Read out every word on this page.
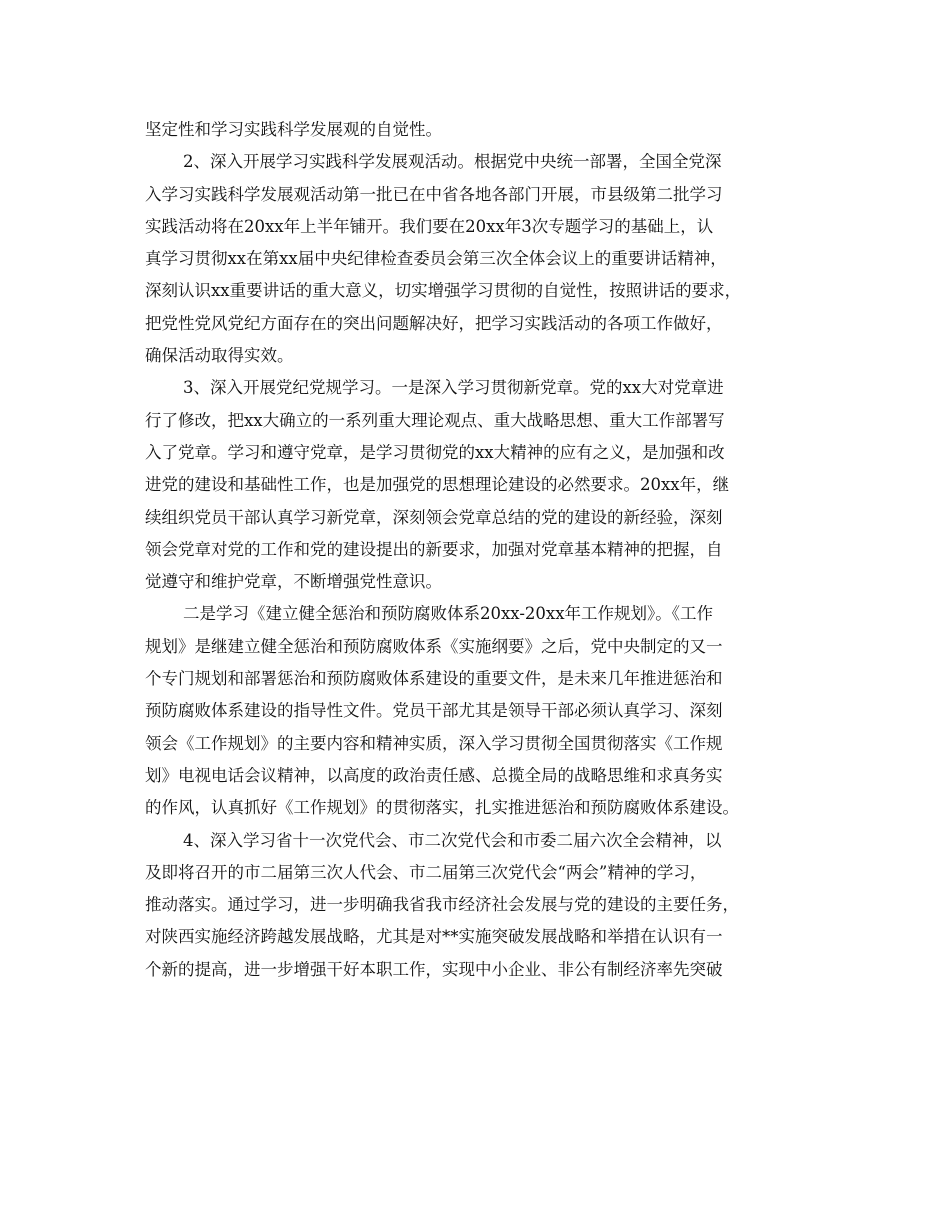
坚定性和学习实践科学发展观的自觉性。
2、深入开展学习实践科学发展观活动。根据党中央统一部署，全国全党深
入学习实践科学发展观活动第一批已在中省各地各部门开展，市县级第二批学习
实践活动将在20xx年上半年铺开。我们要在20xx年3次专题学习的基础上，认
真学习贯彻xx在第xx届中央纪律检查委员会第三次全体会议上的重要讲话精神，
深刻认识xx重要讲话的重大意义，切实增强学习贯彻的自觉性，按照讲话的要求，
把党性党风党纪方面存在的突出问题解决好，把学习实践活动的各项工作做好，
确保活动取得实效。
3、深入开展党纪党规学习。一是深入学习贯彻新党章。党的xx大对党章进
行了修改，把xx大确立的一系列重大理论观点、重大战略思想、重大工作部署写
入了党章。学习和遵守党章，是学习贯彻党的xx大精神的应有之义，是加强和改
进党的建设和基础性工作，也是加强党的思想理论建设的必然要求。20xx年，继
续组织党员干部认真学习新党章，深刻领会党章总结的党的建设的新经验，深刻
领会党章对党的工作和党的建设提出的新要求，加强对党章基本精神的把握，自
觉遵守和维护党章，不断增强党性意识。
二是学习《建立健全惩治和预防腐败体系20xx-20xx年工作规划》。《工作
规划》是继建立健全惩治和预防腐败体系《实施纲要》之后，党中央制定的又一
个专门规划和部署惩治和预防腐败体系建设的重要文件，是未来几年推进惩治和
预防腐败体系建设的指导性文件。党员干部尤其是领导干部必须认真学习、深刻
领会《工作规划》的主要内容和精神实质，深入学习贯彻全国贯彻落实《工作规
划》电视电话会议精神，以高度的政治责任感、总揽全局的战略思维和求真务实
的作风，认真抓好《工作规划》的贯彻落实，扎实推进惩治和预防腐败体系建设。
4、深入学习省十一次党代会、市二次党代会和市委二届六次全会精神，以
及即将召开的市二届第三次人代会、市二届第三次党代会“两会”精神的学习，
推动落实。通过学习，进一步明确我省我市经济社会发展与党的建设的主要任务，
对陕西实施经济跨越发展战略，尤其是对**实施突破发展战略和举措在认识有一
个新的提高，进一步增强干好本职工作，实现中小企业、非公有制经济率先突破
